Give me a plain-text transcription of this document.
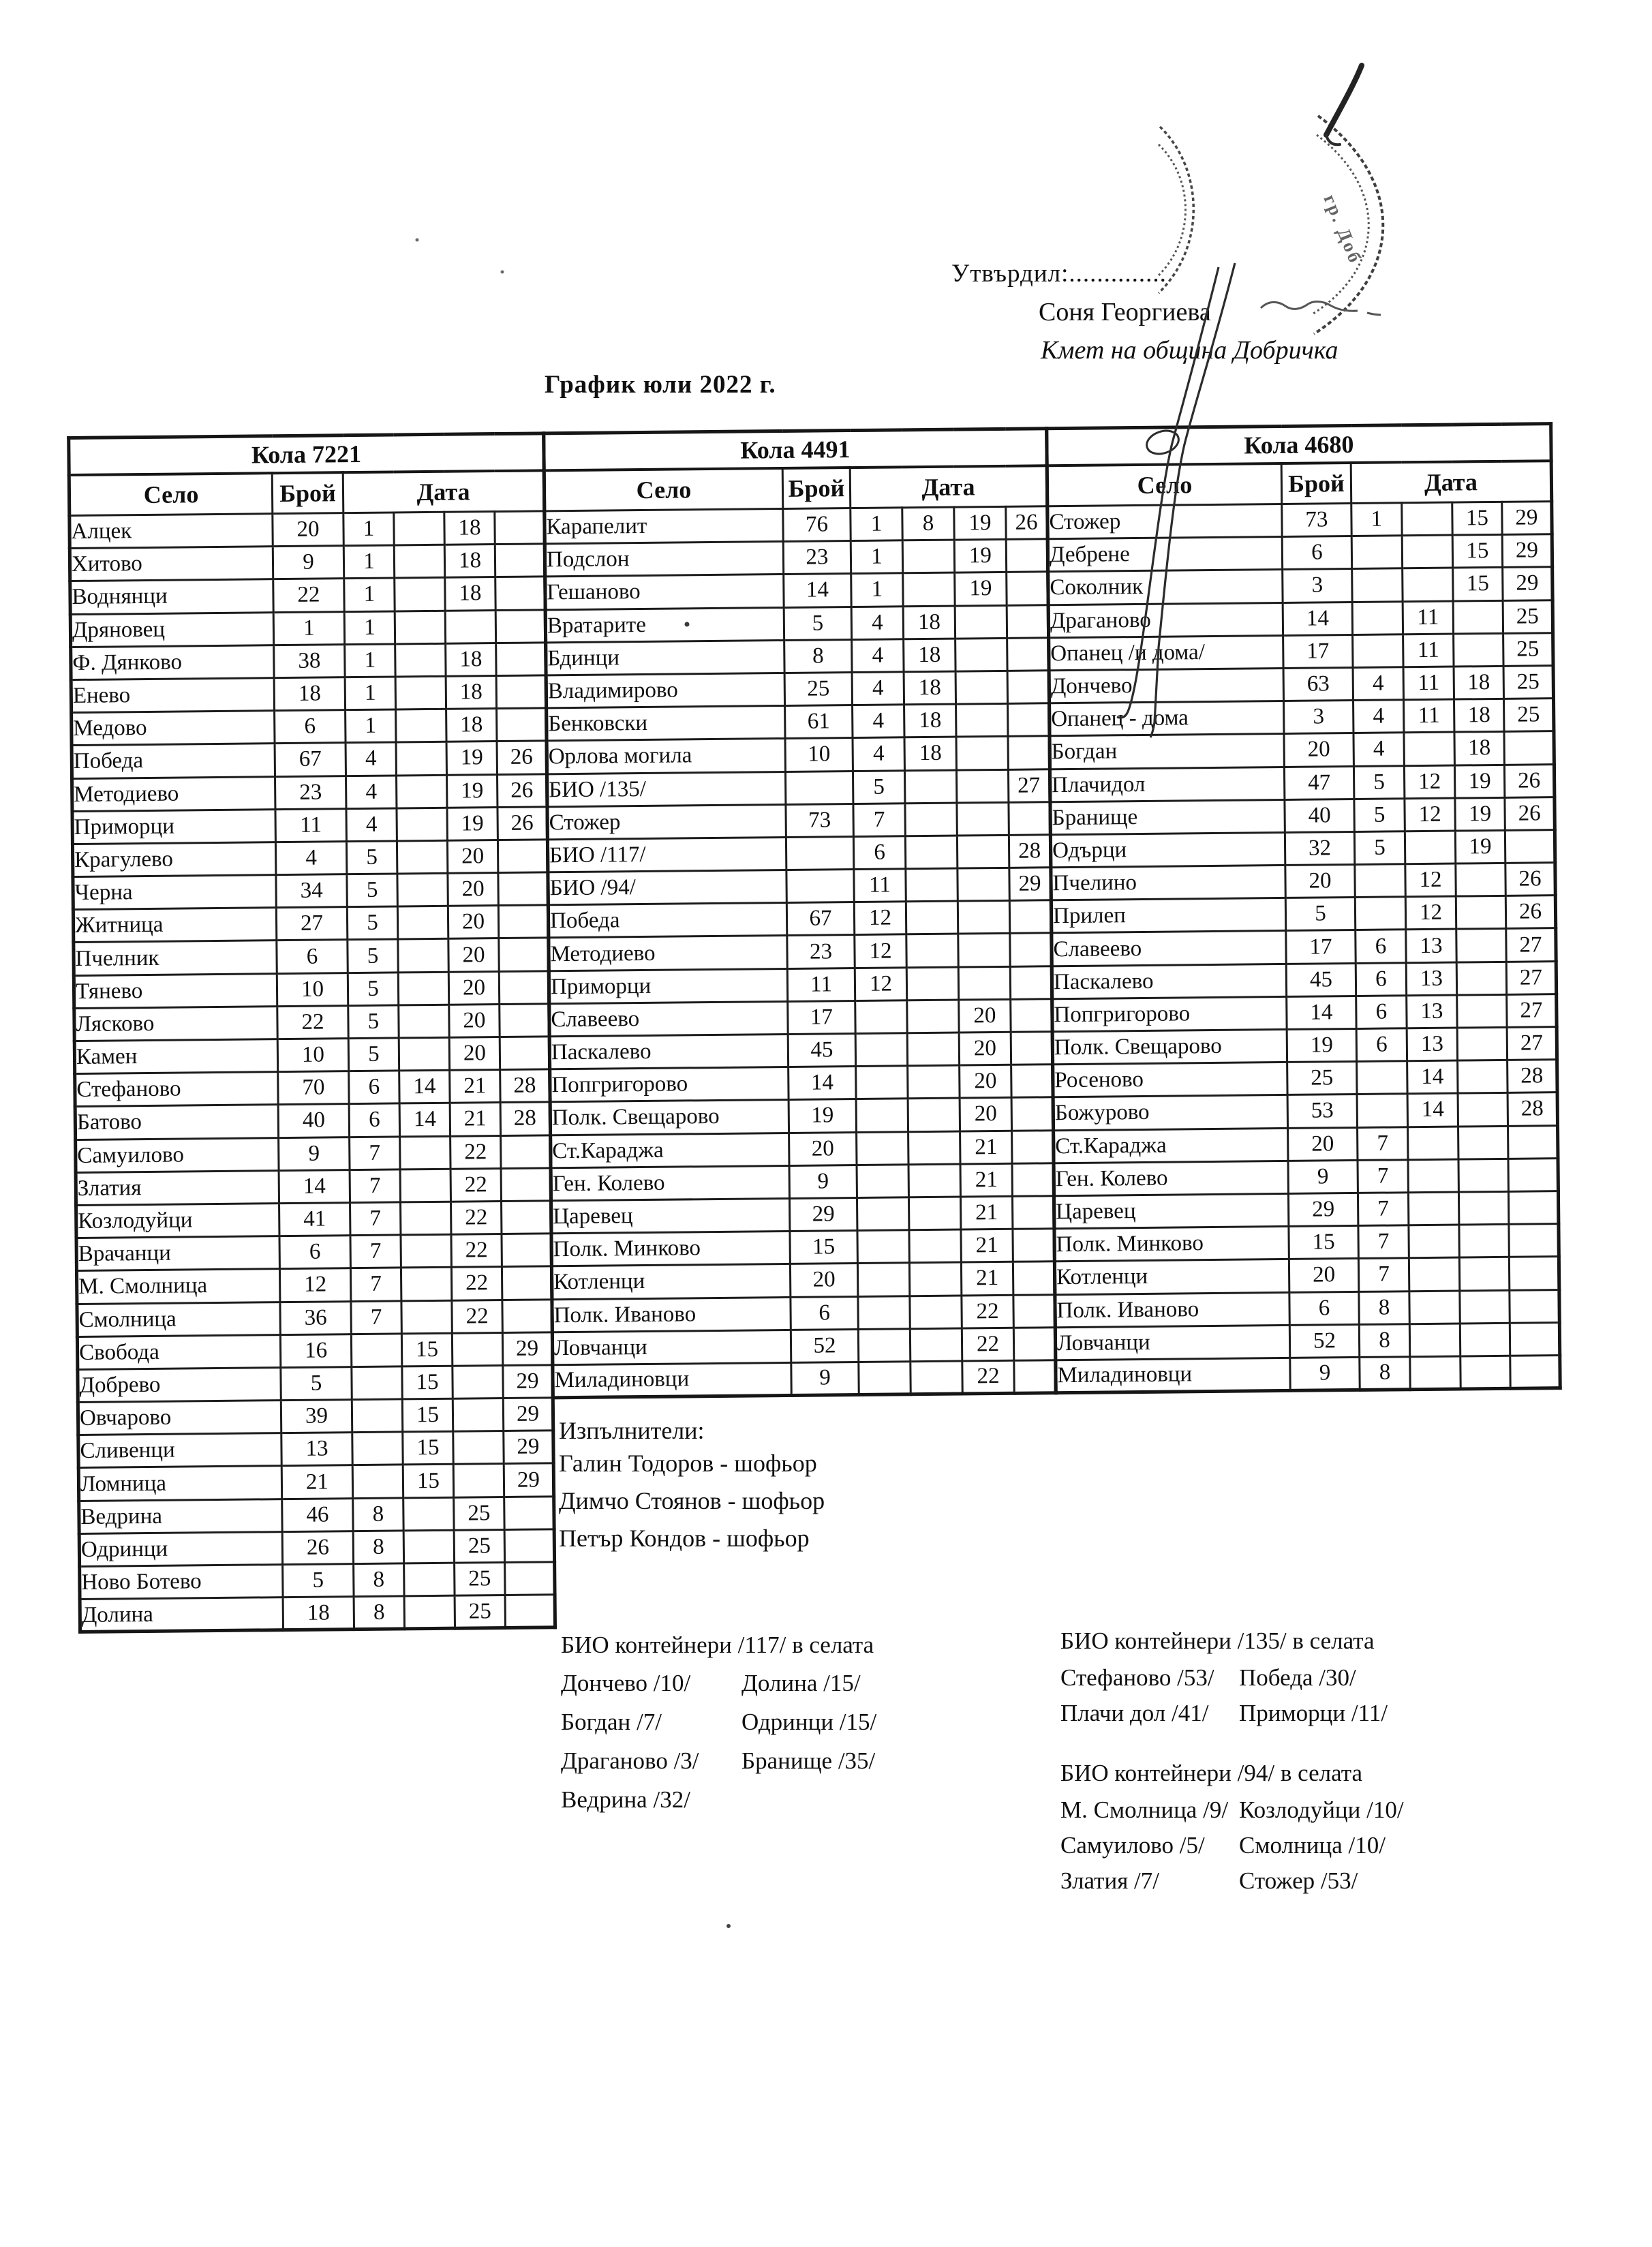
Утвърдил:..............
Соня Георгиева
Кмет на община Добричка
График юли 2022 г.
Кола 7221					
Село	Брой	Дата			
Алцек	20	1		18	
Хитово	9	1		18	
Воднянци	22	1		18	
Дряновец	1	1			
Ф. Дянково	38	1		18	
Енево	18	1		18	
Медово	6	1		18	
Победа	67	4		19	26
Методиево	23	4		19	26
Приморци	11	4		19	26
Крагулево	4	5		20	
Черна	34	5		20	
Житница	27	5		20	
Пчелник	6	5		20	
Тянево	10	5		20	
Лясково	22	5		20	
Камен	10	5		20	
Стефаново	70	6	14	21	28
Батово	40	6	14	21	28
Самуилово	9	7		22	
Златия	14	7		22	
Козлодуйци	41	7		22	
Врачанци	6	7		22	
М. Смолница	12	7		22	
Смолница	36	7		22	
Свобода	16		15		29
Добрево	5		15		29
Овчарово	39		15		29
Сливенци	13		15		29
Ломница	21		15		29
Ведрина	46	8		25	
Одринци	26	8		25	
Ново Ботево	5	8		25	
Долина	18	8		25	
Кола 4491					
Село	Брой	Дата			
Карапелит	76	1	8	19	26
Подслон	23	1		19	
Гешаново	14	1		19	
Вратарите	5	4	18		
Бдинци	8	4	18		
Владимирово	25	4	18		
Бенковски	61	4	18		
Орлова могила	10	4	18		
БИО /135/		5			27
Стожер	73	7			
БИО /117/		6			28
БИО /94/		11			29
Победа	67	12			
Методиево	23	12			
Приморци	11	12			
Славеево	17			20	
Паскалево	45			20	
Попгригорово	14			20	
Полк. Свещарово	19			20	
Ст.Караджа	20			21	
Ген. Колево	9			21	
Царевец	29			21	
Полк. Минково	15			21	
Котленци	20			21	
Полк. Иваново	6			22	
Ловчанци	52			22	
Миладиновци	9			22	
Кола 4680					
Село	Брой	Дата			
Стожер	73	1		15	29
Дебрене	6			15	29
Соколник	3			15	29
Драганово	14		11		25
Опанец /и дома/	17		11		25
Дончево	63	4	11	18	25
Опанец - дома	3	4	11	18	25
Богдан	20	4		18	
Плачидол	47	5	12	19	26
Бранище	40	5	12	19	26
Одърци	32	5		19	
Пчелино	20		12		26
Прилеп	5		12		26
Славеево	17	6	13		27
Паскалево	45	6	13		27
Попгригорово	14	6	13		27
Полк. Свещарово	19	6	13		27
Росеново	25		14		28
Божурово	53		14		28
Ст.Караджа	20	7			
Ген. Колево	9	7			
Царевец	29	7			
Полк. Минково	15	7			
Котленци	20	7			
Полк. Иваново	6	8			
Ловчанци	52	8			
Миладиновци	9	8			
Изпълнители:
Галин Тодоров - шофьор
Димчо Стоянов - шофьор
Петър Кондов - шофьор
БИО контейнери /117/ в селата
Дончево /10/
Богдан /7/
Драганово /3/
Ведрина /32/
Долина /15/
Одринци /15/
Бранище /35/
БИО контейнери /135/ в селата
Стефаново /53/
Плачи дол /41/
Победа /30/
Приморци /11/
БИО контейнери /94/ в селата
М. Смолница /9/
Самуилово /5/
Златия /7/
Козлодуйци /10/
Смолница /10/
Стожер /53/
гр. Доб
